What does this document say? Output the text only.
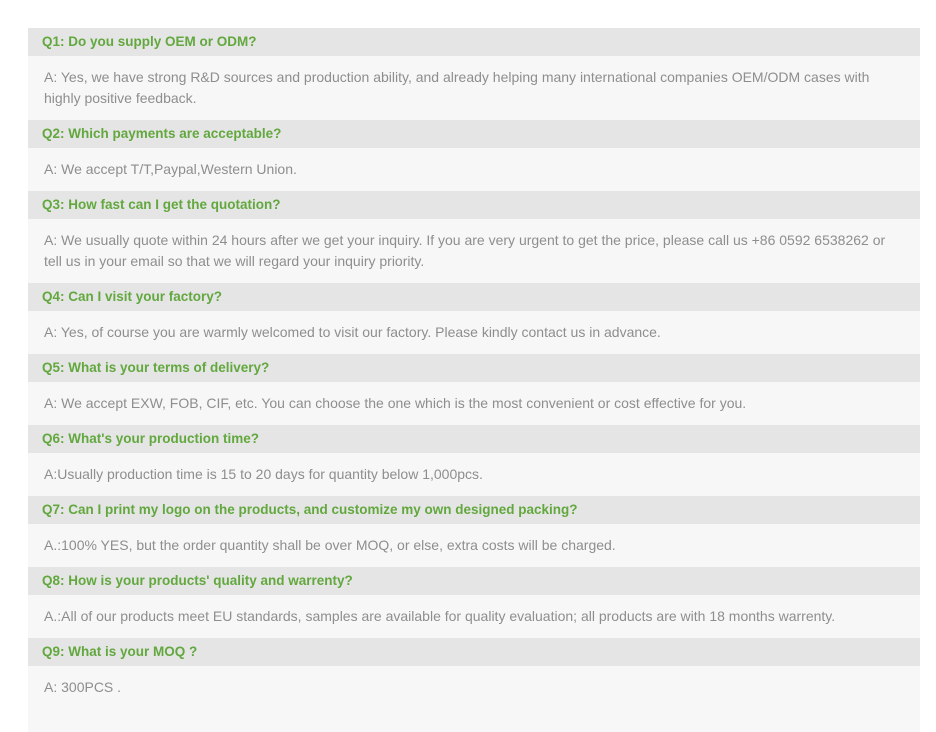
Q1: Do you supply OEM or ODM?
A: Yes, we have strong R&D sources and production ability, and already helping many international companies OEM/ODM cases with highly positive feedback.
Q2: Which payments are acceptable?
A: We accept T/T,Paypal,Western Union.
Q3: How fast can I get the quotation?
A: We usually quote within 24 hours after we get your inquiry. If you are very urgent to get the price, please call us +86 0592 6538262 or tell us in your email so that we will regard your inquiry priority.
Q4: Can I visit your factory?
A: Yes, of course you are warmly welcomed to visit our factory. Please kindly contact us in advance.
Q5: What is your terms of delivery?
A: We accept EXW, FOB, CIF, etc. You can choose the one which is the most convenient or cost effective for you.
Q6: What's your production time?
A:Usually production time is 15 to 20 days for quantity below 1,000pcs.
Q7: Can I print my logo on the products, and customize my own designed packing?
A.:100% YES, but the order quantity shall be over MOQ, or else, extra costs will be charged.
Q8: How is your products' quality and warrenty?
A.:All of our products meet EU standards, samples are available for quality evaluation; all products are with 18 months warrenty.
Q9: What is your MOQ ?
A: 300PCS .
